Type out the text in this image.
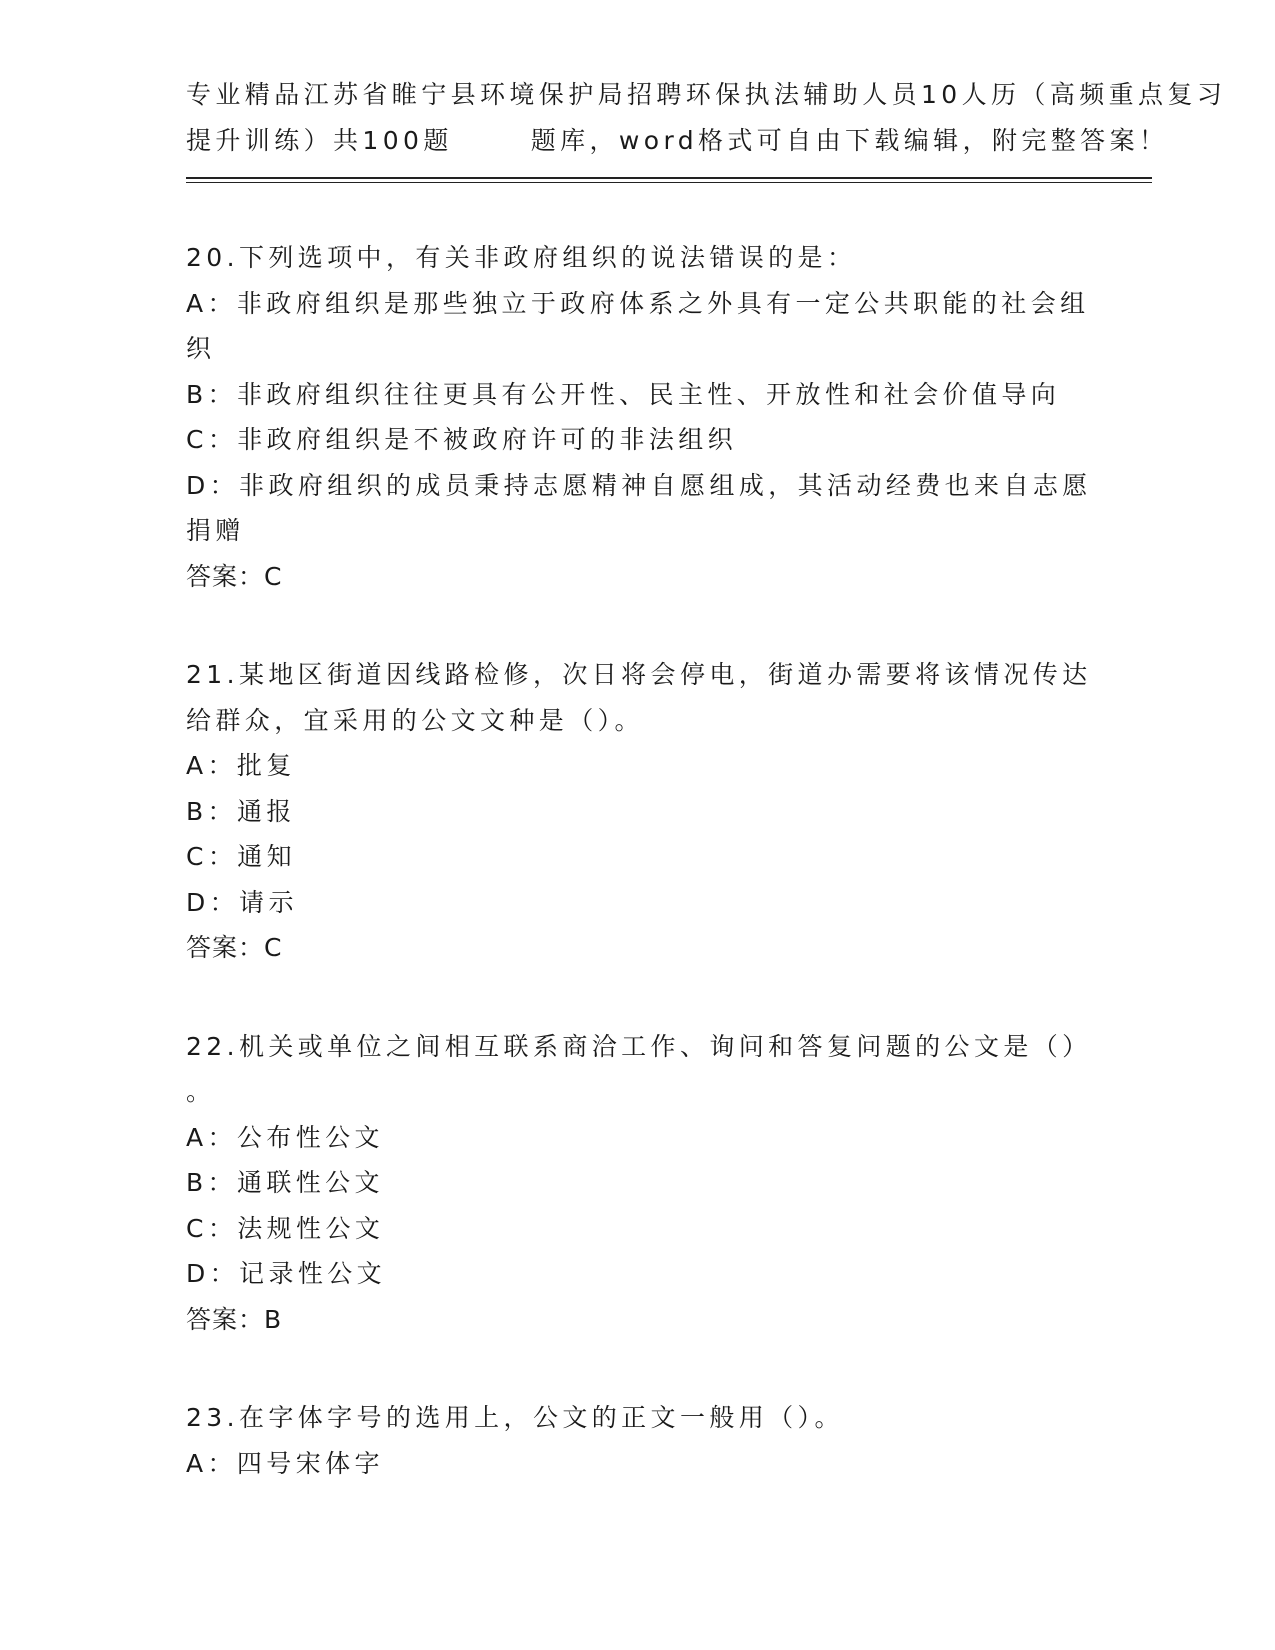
专业精品江苏省睢宁县环境保护局招聘环保执法辅助人员10人历（高频重点复习
提升训练）共100题	题库，word格式可自由下载编辑，附完整答案！
20.下列选项中，有关非政府组织的说法错误的是：
A：非政府组织是那些独立于政府体系之外具有一定公共职能的社会组
织
B：非政府组织往往更具有公开性、民主性、开放性和社会价值导向
C：非政府组织是不被政府许可的非法组织
D：非政府组织的成员秉持志愿精神自愿组成，其活动经费也来自志愿
捐赠
答案：C
21.某地区街道因线路检修，次日将会停电，街道办需要将该情况传达
给群众，宜采用的公文文种是（）。
A：批复
B：通报
C：通知
D：请示
答案：C
22.机关或单位之间相互联系商洽工作、询问和答复问题的公文是（）
。
A：公布性公文
B：通联性公文
C：法规性公文
D：记录性公文
答案：B
23.在字体字号的选用上，公文的正文一般用（）。
A：四号宋体字
